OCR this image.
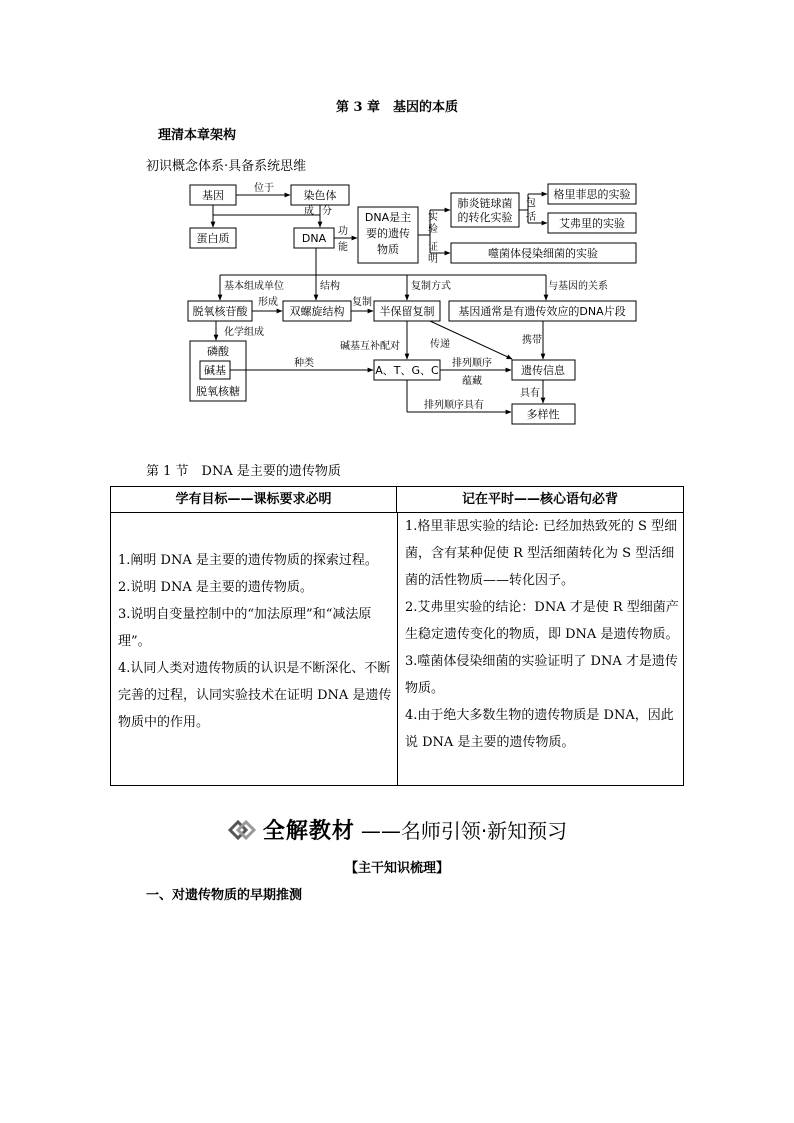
第 3 章　基因的本质
理清本章架构
初识概念体系·具备系统思维
基因	染色体
蛋白质	DNA
DNA是主
要的遗传
物质
肺炎链球菌
的转化实验
格里菲思的实验
艾弗里的实验
噬菌体侵染细菌的实验
脱氧核苷酸	双螺旋结构	半保留复制 基因通常是有遗传效应的DNA片段
磷酸
碱基
脱氧核糖
A、T、G、C	遗传信息
多样性
位于
成 分
功
能
实
验
证
明
包
括
基本组成单位	结构	复制方式	与基因的关系
形成	复制
化学组成
碱基互补配对	传递	携带
种类	排列顺序
蕴藏
具有
排列顺序具有
第 1 节　DNA 是主要的遗传物质
学有目标——课标要求必明	记在平时——核心语句必背

1.阐明 DNA 是主要的遗传物质的探索过程。

2.说明 DNA 是主要的遗传物质。

3.说明自变量控制中的“加法原理”和“减法原理”。

4.认同人类对遗传物质的认识是不断深化、不断完善的过程，认同实验技术在证明 DNA 是遗传物质中的作用。

1.格里菲思实验的结论: 已经加热致死的 S 型细菌，含有某种促使 R 型活细菌转化为 S 型活细菌的活性物质——转化因子。

2.艾弗里实验的结论：DNA 才是使 R 型细菌产生稳定遗传变化的物质，即 DNA 是遗传物质。

3.噬菌体侵染细菌的实验证明了 DNA 才是遗传物质。

4.由于绝大多数生物的遗传物质是 DNA，因此说 DNA 是主要的遗传物质。

全解教材 ——名师引领·新知预习
【主干知识梳理】
一、对遗传物质的早期推测
